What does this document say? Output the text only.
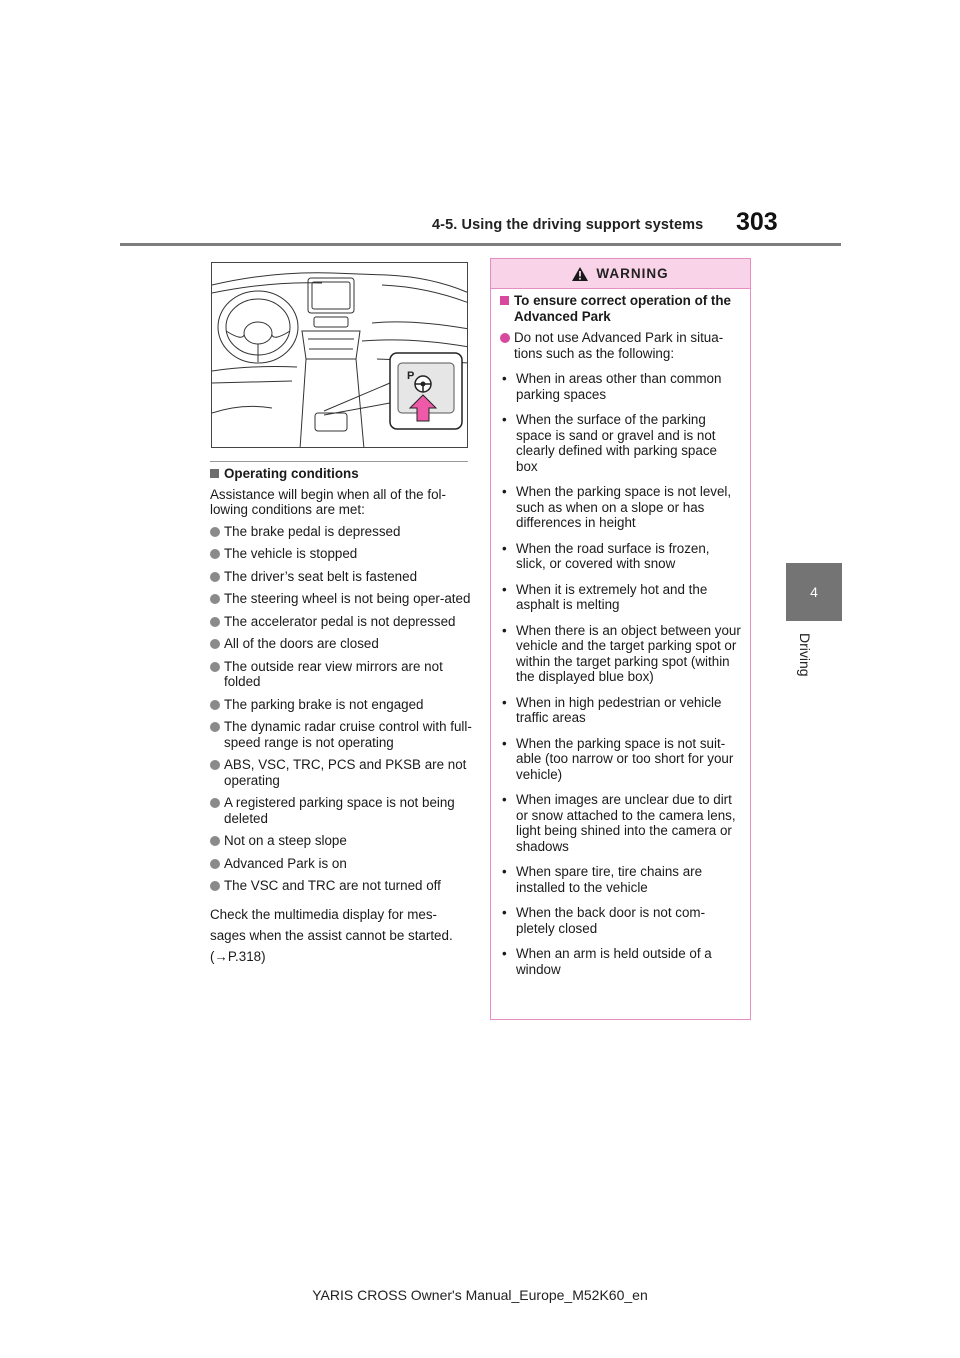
4-5. Using the driving support systems 303
4
Driving
P
Operating conditions

Assistance will begin when all of the fol-lowing conditions are met:

The brake pedal is depressed
The vehicle is stopped
The driver’s seat belt is fastened
The steering wheel is not being oper-ated
The accelerator pedal is not depressed
All of the doors are closed
The outside rear view mirrors are not folded
The parking brake is not engaged
The dynamic radar cruise control with full-speed range is not operating
ABS, VSC, TRC, PCS and PKSB are not operating
A registered parking space is not being deleted
Not on a steep slope
Advanced Park is on
The VSC and TRC are not turned off

Check the multimedia display for mes-sages when the assist cannot be started. (→P.318)

WARNING
To ensure correct operation of the Advanced Park
Do not use Advanced Park in situa-tions such as the following:
• When in areas other than common parking spaces
• When the surface of the parking space is sand or gravel and is not clearly defined with parking space box
• When the parking space is not level, such as when on a slope or has differences in height
• When the road surface is frozen, slick, or covered with snow
• When it is extremely hot and the asphalt is melting
• When there is an object between your vehicle and the target parking spot or within the target parking spot (within the displayed blue box)
• When in high pedestrian or vehicle traffic areas
• When the parking space is not suit-able (too narrow or too short for your vehicle)
• When images are unclear due to dirt or snow attached to the camera lens, light being shined into the camera or shadows
• When spare tire, tire chains are installed to the vehicle
• When the back door is not com-pletely closed
• When an arm is held outside of a window
YARIS CROSS Owner's Manual_Europe_M52K60_en
